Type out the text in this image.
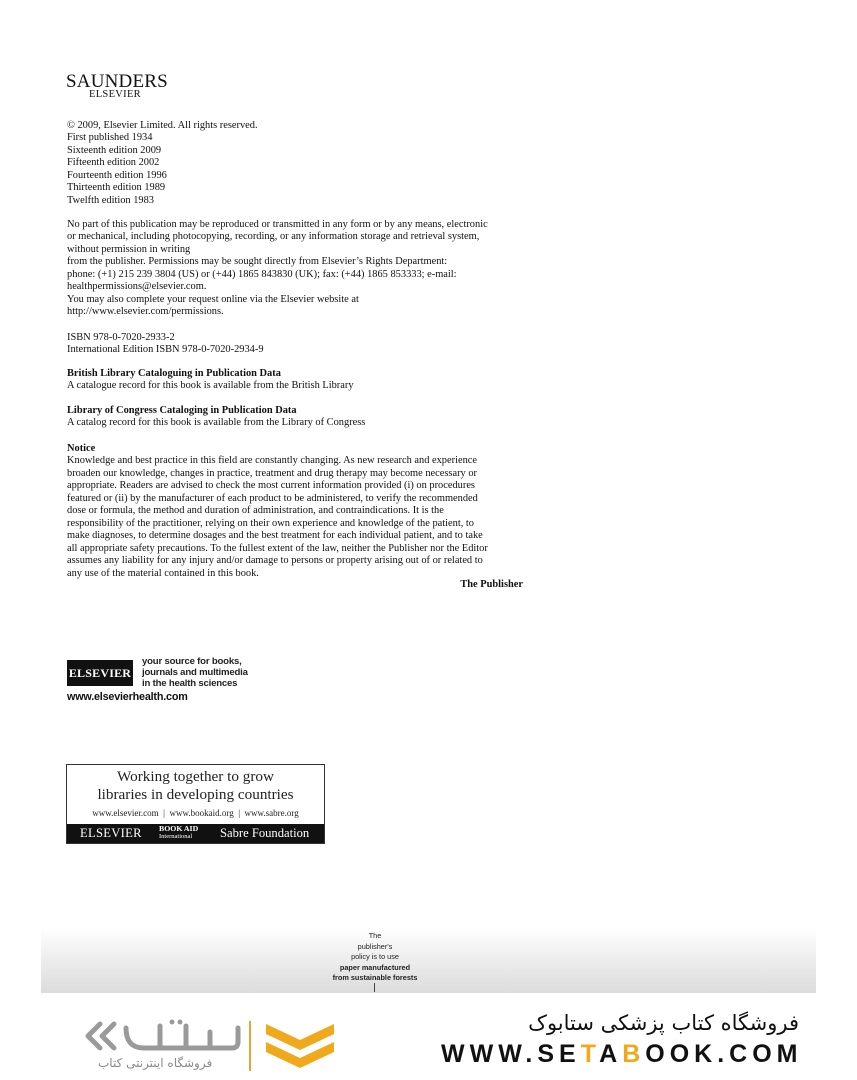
SAUNDERS
ELSEVIER
© 2009, Elsevier Limited. All rights reserved.
First published 1934
Sixteenth edition 2009
Fifteenth edition 2002
Fourteenth edition 1996
Thirteenth edition 1989
Twelfth edition 1983
No part of this publication may be reproduced or transmitted in any form or by any means, electronic
or mechanical, including photocopying, recording, or any information storage and retrieval system,
without permission in writing
from the publisher. Permissions may be sought directly from Elsevier’s Rights Department:
phone: (+1) 215 239 3804 (US) or (+44) 1865 843830 (UK); fax: (+44) 1865 853333; e-mail:
healthpermissions@elsevier.com.
You may also complete your request online via the Elsevier website at
http://www.elsevier.com/permissions.
ISBN 978-0-7020-2933-2
International Edition ISBN 978-0-7020-2934-9
British Library Cataloguing in Publication Data
A catalogue record for this book is available from the British Library
Library of Congress Cataloging in Publication Data
A catalog record for this book is available from the Library of Congress
Notice
Knowledge and best practice in this field are constantly changing. As new research and experience
broaden our knowledge, changes in practice, treatment and drug therapy may become necessary or
appropriate. Readers are advised to check the most current information provided (i) on procedures
featured or (ii) by the manufacturer of each product to be administered, to verify the recommended
dose or formula, the method and duration of administration, and contraindications. It is the
responsibility of the practitioner, relying on their own experience and knowledge of the patient, to
make diagnoses, to determine dosages and the best treatment for each individual patient, and to take
all appropriate safety precautions. To the fullest extent of the law, neither the Publisher nor the Editor
assumes any liability for any injury and/or damage to persons or property arising out of or related to
any use of the material contained in this book.
The Publisher
ELSEVIER
your source for books,
journals and multimedia
in the health sciences
www.elsevierhealth.com
Working together to grow
libraries in developing countries
www.elsevier.com  |  www.bookaid.org  |  www.sabre.org
ELSEVIER BOOK AID
International Sabre Foundation
The
publisher's
policy is to use
paper manufactured
from sustainable forests
فروشگاه اینترنتی کتاب
فروشگاه کتاب پزشکی ستابوک
WWW.SETABOOK.COM
